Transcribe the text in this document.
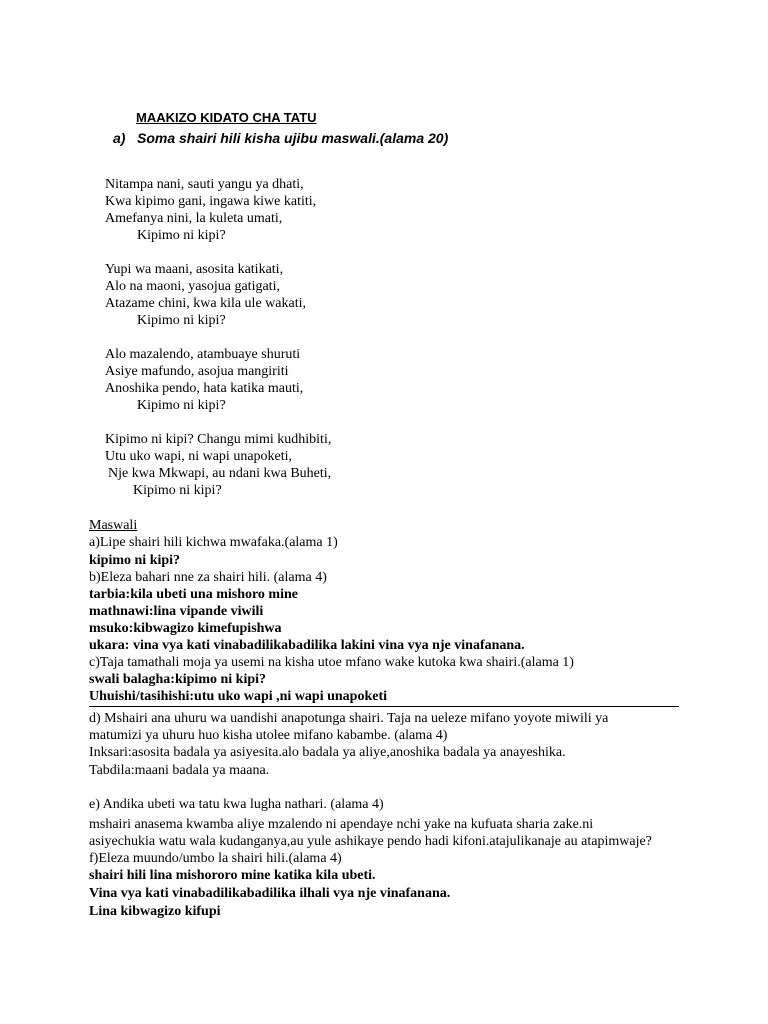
MAAKIZO KIDATO CHA TATU
a) Soma shairi hili kisha ujibu maswali.(alama 20)
Nitampa nani, sauti yangu ya dhati,
Kwa kipimo gani, ingawa kiwe katiti,
Amefanya nini, la kuleta umati,
Kipimo ni kipi?
Yupi wa maani, asosita katikati,
Alo na maoni, yasojua gatigati,
Atazame chini, kwa kila ule wakati,
Kipimo ni kipi?
Alo mazalendo, atambuaye shuruti
Asiye mafundo, asojua mangiriti
Anoshika pendo, hata katika mauti,
Kipimo ni kipi?
Kipimo ni kipi? Changu mimi kudhibiti,
Utu uko wapi, ni wapi unapoketi,
Nje kwa Mkwapi, au ndani kwa Buheti,
Kipimo ni kipi?
Maswali
a)Lipe shairi hili kichwa mwafaka.(alama 1)
kipimo ni kipi?
b)Eleza bahari nne za shairi hili. (alama 4)
tarbia:kila ubeti una mishoro mine
mathnawi:lina vipande viwili
msuko:kibwagizo kimefupishwa
ukara: vina vya kati vinabadilikabadilika lakini vina vya nje vinafanana.
c)Taja tamathali moja ya usemi na kisha utoe mfano wake kutoka kwa shairi.(alama 1)
swali balagha:kipimo ni kipi?
Uhuishi/tasihishi:utu uko wapi ,ni wapi unapoketi
d) Mshairi ana uhuru wa uandishi anapotunga shairi. Taja na ueleze mifano yoyote miwili ya
matumizi ya uhuru huo kisha utolee mifano kabambe. (alama 4)
Inksari:asosita badala ya asiyesita.alo badala ya aliye,anoshika badala ya anayeshika.
Tabdila:maani badala ya maana.
e) Andika ubeti wa tatu kwa lugha nathari. (alama 4)
mshairi anasema kwamba aliye mzalendo ni apendaye nchi yake na kufuata sharia zake.ni
asiyechukia watu wala kudanganya,au yule ashikaye pendo hadi kifoni.atajulikanaje au atapimwaje?
f)Eleza muundo/umbo la shairi hili.(alama 4)
shairi hili lina mishororo mine katika kila ubeti.
Vina vya kati vinabadilikabadilika ilhali vya nje vinafanana.
Lina kibwagizo kifupi
